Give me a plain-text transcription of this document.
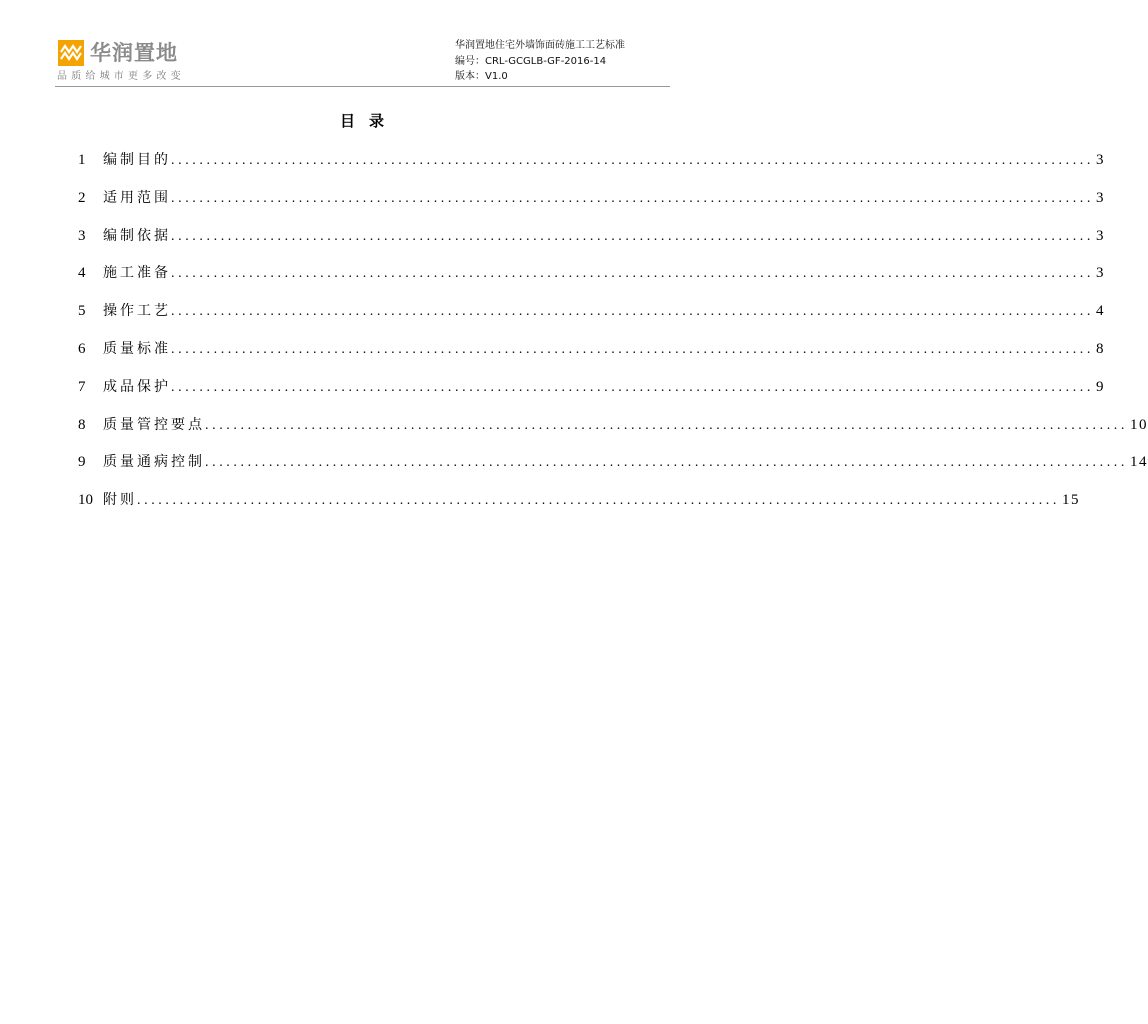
华润置地
品质给城市更多改变
华润置地住宅外墙饰面砖施工工艺标准
编号：CRL-GCGLB-GF-2016-14
版本：V1.0
目录
1	编制目的 .................................................................................................................................. 3
2	适用范围 .................................................................................................................................. 3
3	编制依据 .................................................................................................................................. 3
4	施工准备 .................................................................................................................................. 3
5	操作工艺 .................................................................................................................................. 4
6	质量标准 .................................................................................................................................. 8
7	成品保护 .................................................................................................................................. 9
8	质量管控要点 .................................................................................................................................. 10
9	质量通病控制 .................................................................................................................................. 14
10 附则 .................................................................................................................................. 15
